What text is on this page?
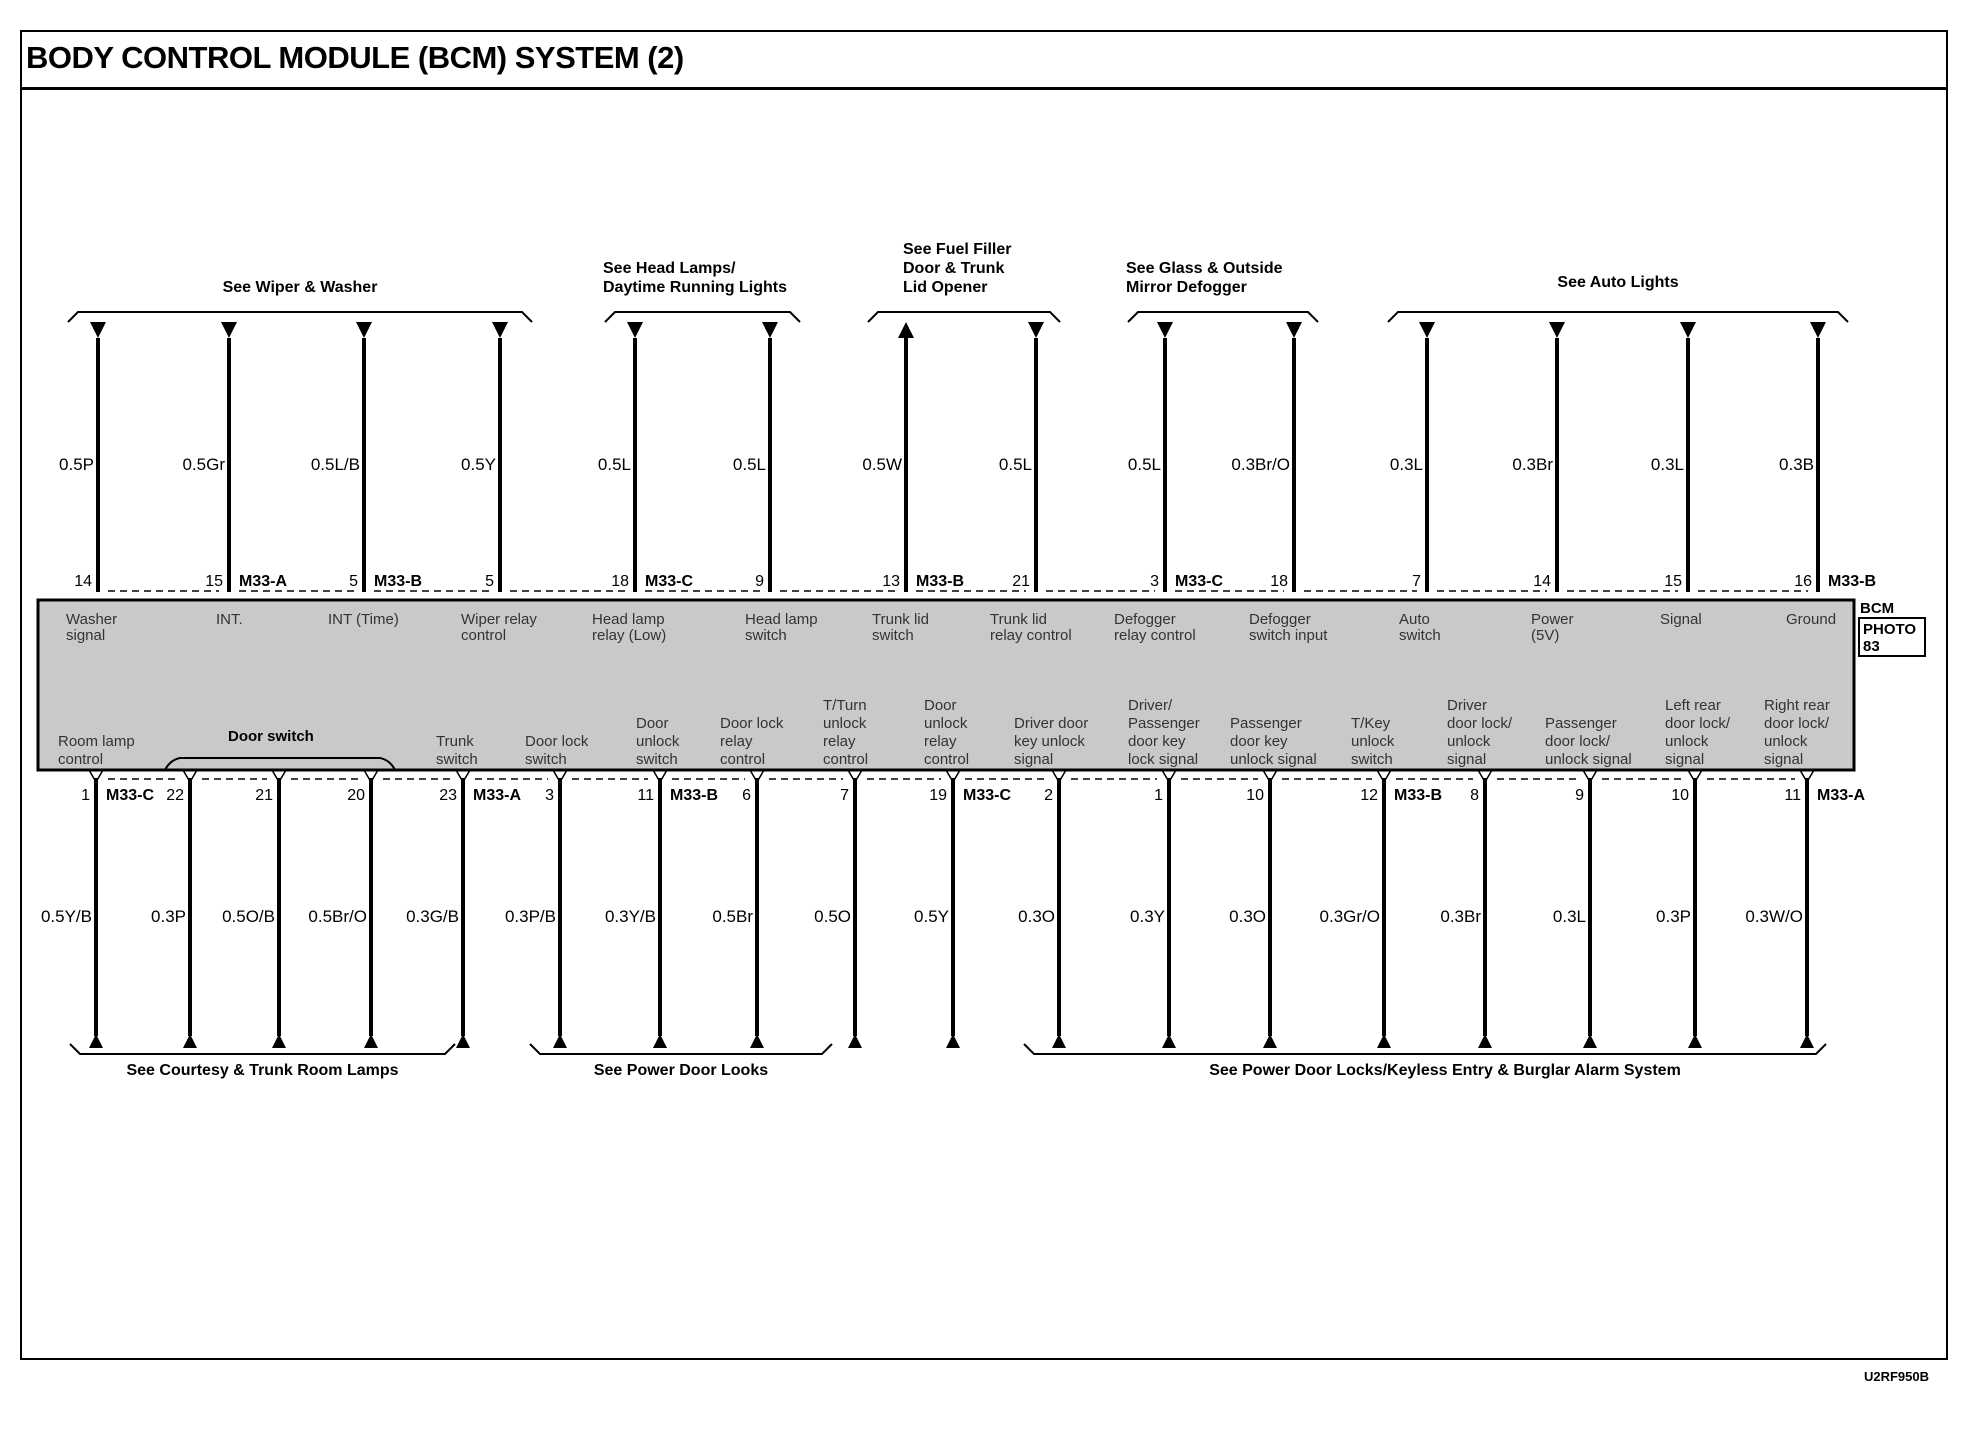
BODY CONTROL MODULE (BCM) SYSTEM (2)
BCM
PHOTO 83
Door switch
0.5P
14
Washer signal
0.5Gr
15 M33-A
INT.
0.5L/B
5 M33-B
INT (Time)
0.5Y
5
Wiper relay control
0.5L
18 M33-C
Head lamp relay (Low)
0.5L
9
Head lamp switch
0.5W
13 M33-B
Trunk lid switch
0.5L
21
Trunk lid relay control
0.5L
3 M33-C
Defogger relay control
0.3Br/O
18
Defogger switch input
0.3L
7
Auto switch
0.3Br
14
Power (5V)
0.3L
15
Signal
0.3B
16 M33-B
Ground
0.5Y/B
1 M33-C
Room lamp control
0.3P
22
0.5O/B
21
0.5Br/O
20
0.3G/B
23 M33-A
Trunk switch
0.3P/B
3
Door lock switch
0.3Y/B
11 M33-B
Door unlock switch
0.5Br
6
Door lock relay control
0.5O
7
T/Turn unlock relay control
0.5Y
19 M33-C
Door unlock relay control
0.3O
2
Driver door key unlock signal
0.3Y
1
Driver/ Passenger door key lock signal
0.3O
10
Passenger door key unlock signal
0.3Gr/O
12 M33-B
T/Key unlock switch
0.3Br
8
Driver door lock/ unlock signal
0.3L
9
Passenger door lock/ unlock signal
0.3P
10
Left rear door lock/ unlock signal
0.3W/O
11 M33-A
Right rear door lock/ unlock signal
See Wiper & Washer
See Head Lamps/
Daytime Running Lights
See Fuel Filler
Door & Trunk
Lid Opener
See Glass & Outside
Mirror Defogger	See Auto Lights
See Courtesy & Trunk Room Lamps	See Power Door Looks	See Power Door Locks/Keyless Entry & Burglar Alarm System
U2RF950B
